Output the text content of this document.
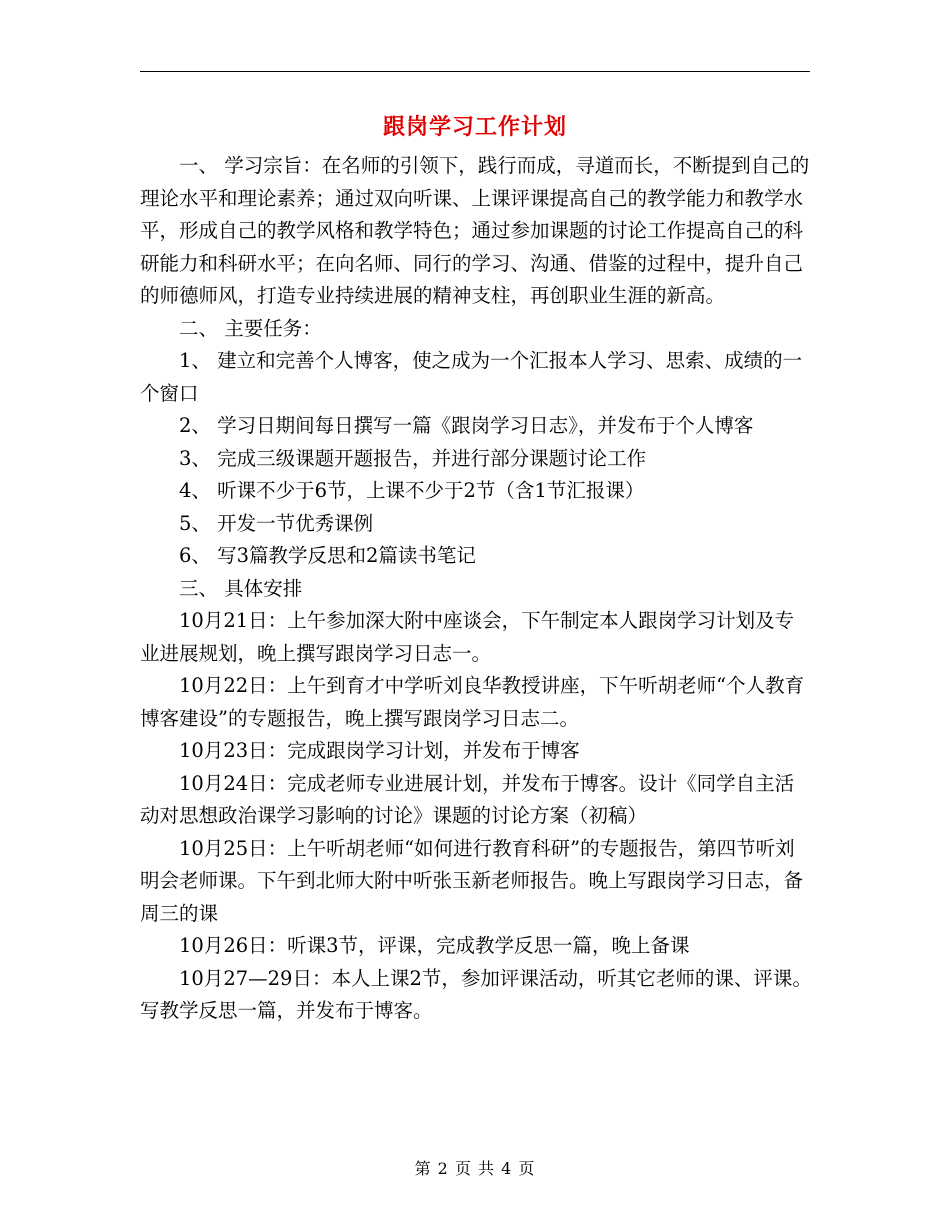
跟岗学习工作计划

一、 学习宗旨：在名师的引领下，践行而成，寻道而长，不断提到自己的理论水平和理论素养；通过双向听课、上课评课提高自己的教学能力和教学水平，形成自己的教学风格和教学特色；通过参加课题的讨论工作提高自己的科研能力和科研水平；在向名师、同行的学习、沟通、借鉴的过程中，提升自己的师德师风，打造专业持续进展的精神支柱，再创职业生涯的新高。

二、 主要任务：

1、 建立和完善个人博客，使之成为一个汇报本人学习、思索、成绩的一个窗口

2、 学习日期间每日撰写一篇《跟岗学习日志》，并发布于个人博客

3、 完成三级课题开题报告，并进行部分课题讨论工作

4、 听课不少于6节，上课不少于2节（含1节汇报课）

5、 开发一节优秀课例

6、 写3篇教学反思和2篇读书笔记

三、 具体安排

10月21日：上午参加深大附中座谈会，下午制定本人跟岗学习计划及专业进展规划，晚上撰写跟岗学习日志一。

10月22日：上午到育才中学听刘良华教授讲座，下午听胡老师“个人教育博客建设”的专题报告，晚上撰写跟岗学习日志二。

10月23日：完成跟岗学习计划，并发布于博客

10月24日：完成老师专业进展计划，并发布于博客。设计《同学自主活动对思想政治课学习影响的讨论》课题的讨论方案（初稿）

10月25日：上午听胡老师“如何进行教育科研”的专题报告，第四节听刘明会老师课。下午到北师大附中听张玉新老师报告。晚上写跟岗学习日志，备周三的课

10月26日：听课3节，评课，完成教学反思一篇，晚上备课

10月27—29日：本人上课2节，参加评课活动，听其它老师的课、评课。写教学反思一篇，并发布于博客。

第 2 页 共 4 页
